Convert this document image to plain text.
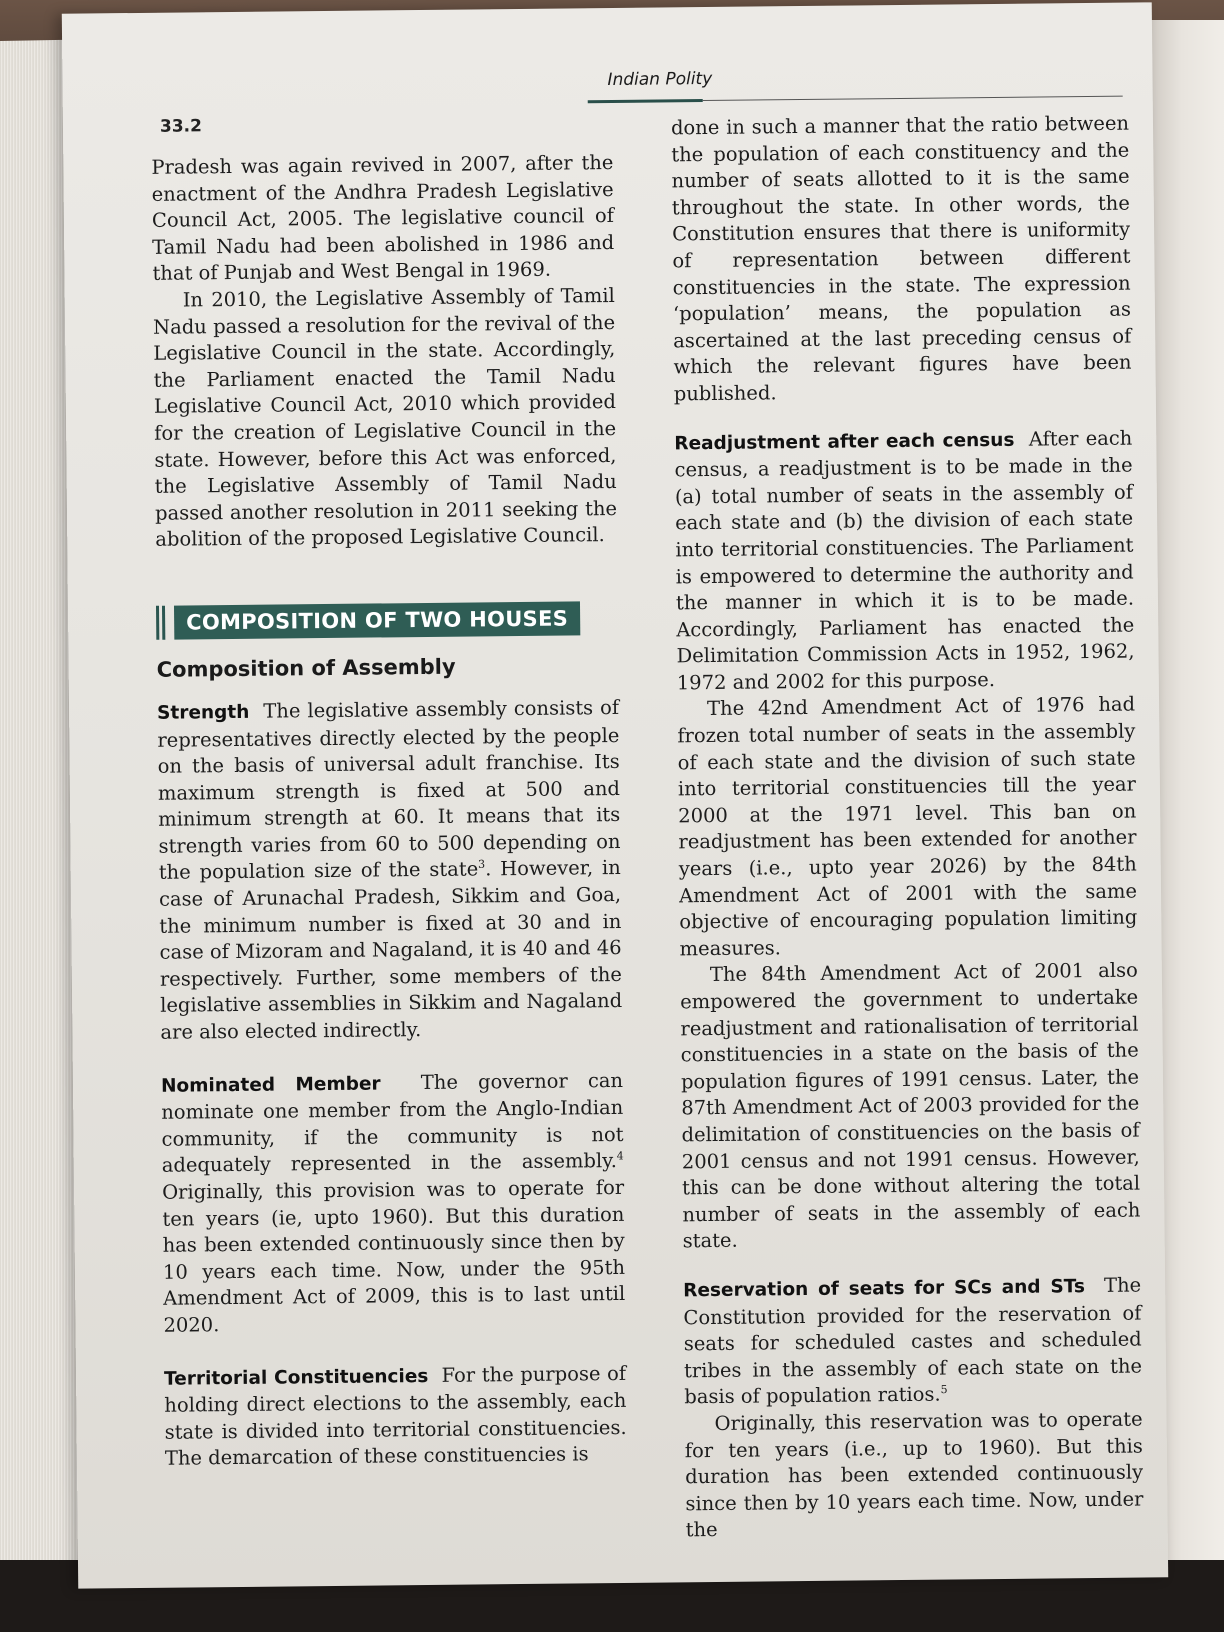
Indian Polity
33.2

Pradesh was again revived in 2007, after the enactment of the Andhra Pradesh Legislative Council Act, 2005. The legislative council of Tamil Nadu had been abolished in 1986 and that of Punjab and West Bengal in 1969.

In 2010, the Legislative Assembly of Tamil Nadu passed a resolution for the revival of the Legislative Council in the state. Accordingly, the Parliament enacted the Tamil Nadu Legislative Council Act, 2010 which provided for the creation of Legislative Council in the state. However, before this Act was enforced, the Legislative Assembly of Tamil Nadu passed another resolution in 2011 seeking the abolition of the proposed Legislative Council.

COMPOSITION OF TWO HOUSES
Composition of Assembly

Strength The legislative assembly consists of representatives directly elected by the people on the basis of universal adult franchise. Its maximum strength is fixed at 500 and minimum strength at 60. It means that its strength varies from 60 to 500 depending on the population size of the state$^3$. However, in case of Arunachal Pradesh, Sikkim and Goa, the minimum number is fixed at 30 and in case of Mizoram and Nagaland, it is 40 and 46 respectively. Further, some members of the legislative assemblies in Sikkim and Nagaland are also elected indirectly.

Nominated Member The governor can nominate one member from the Anglo-Indian community, if the community is not adequately represented in the assembly.$^4$ Originally, this provision was to operate for ten years (ie, upto 1960). But this duration has been extended continuously since then by 10 years each time. Now, under the 95th Amendment Act of 2009, this is to last until 2020.

Territorial Constituencies For the purpose of holding direct elections to the assembly, each state is divided into territorial constituencies. The demarcation of these constituencies is

done in such a manner that the ratio between the population of each constituency and the number of seats allotted to it is the same throughout the state. In other words, the Constitution ensures that there is uniformity of representation between different constituencies in the state. The expression ‘population’ means, the population as ascertained at the last preceding census of which the relevant figures have been published.

Readjustment after each census After each census, a readjustment is to be made in the (a) total number of seats in the assembly of each state and (b) the division of each state into territorial constituencies. The Parliament is empowered to determine the authority and the manner in which it is to be made. Accordingly, Parliament has enacted the Delimitation Commission Acts in 1952, 1962, 1972 and 2002 for this purpose.

The 42nd Amendment Act of 1976 had frozen total number of seats in the assembly of each state and the division of such state into territorial constituencies till the year 2000 at the 1971 level. This ban on readjustment has been extended for another years (i.e., upto year 2026) by the 84th Amendment Act of 2001 with the same objective of encouraging population limiting measures.

The 84th Amendment Act of 2001 also empowered the government to undertake readjustment and rationalisation of territorial constituencies in a state on the basis of the population figures of 1991 census. Later, the 87th Amendment Act of 2003 provided for the delimitation of constituencies on the basis of 2001 census and not 1991 census. However, this can be done without altering the total number of seats in the assembly of each state.

Reservation of seats for SCs and STs The Constitution provided for the reservation of seats for scheduled castes and scheduled tribes in the assembly of each state on the basis of population ratios.$^5$

Originally, this reservation was to operate for ten years (i.e., up to 1960). But this duration has been extended continuously since then by 10 years each time. Now, under the
